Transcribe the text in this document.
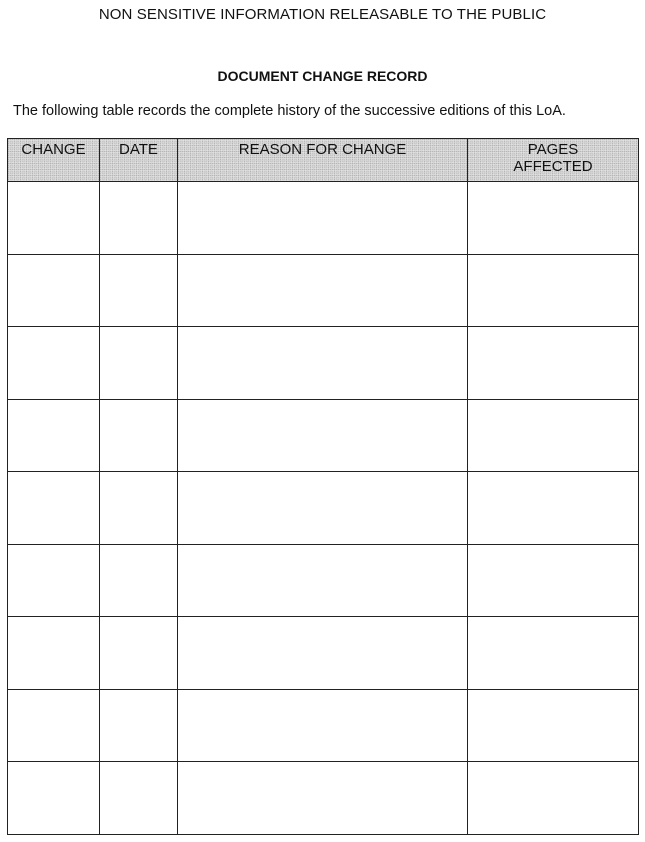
NON SENSITIVE INFORMATION RELEASABLE TO THE PUBLIC
DOCUMENT CHANGE RECORD
The following table records the complete history of the successive editions of this LoA.
CHANGE	DATE	REASON FOR CHANGE	PAGES
AFFECTED
